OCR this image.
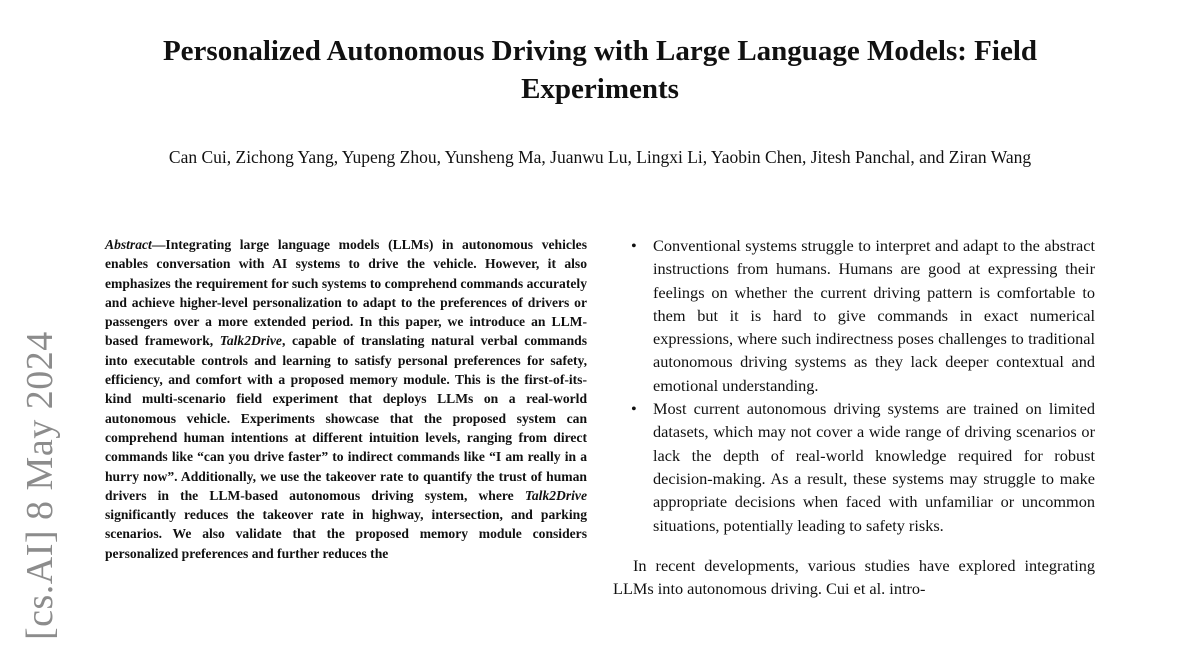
[cs.AI] 8 May 2024
Personalized Autonomous Driving with Large Language Models: Field Experiments
Can Cui, Zichong Yang, Yupeng Zhou, Yunsheng Ma, Juanwu Lu, Lingxi Li, Yaobin Chen, Jitesh Panchal, and Ziran Wang
Abstract—Integrating large language models (LLMs) in autonomous vehicles enables conversation with AI systems to drive the vehicle. However, it also emphasizes the requirement for such systems to comprehend commands accurately and achieve higher-level personalization to adapt to the preferences of drivers or passengers over a more extended period. In this paper, we introduce an LLM-based framework, Talk2Drive, capable of translating natural verbal commands into executable controls and learning to satisfy personal preferences for safety, efficiency, and comfort with a proposed memory module. This is the first-of-its-kind multi-scenario field experiment that deploys LLMs on a real-world autonomous vehicle. Experiments showcase that the proposed system can comprehend human intentions at different intuition levels, ranging from direct commands like “can you drive faster” to indirect commands like “I am really in a hurry now”. Additionally, we use the takeover rate to quantify the trust of human drivers in the LLM-based autonomous driving system, where Talk2Drive significantly reduces the takeover rate in highway, intersection, and parking scenarios. We also validate that the proposed memory module considers personalized preferences and further reduces the
• Conventional systems struggle to interpret and adapt to the abstract instructions from humans. Humans are good at expressing their feelings on whether the current driving pattern is comfortable to them but it is hard to give commands in exact numerical expressions, where such indirectness poses challenges to traditional autonomous driving systems as they lack deeper contextual and emotional understanding.
• Most current autonomous driving systems are trained on limited datasets, which may not cover a wide range of driving scenarios or lack the depth of real-world knowledge required for robust decision-making. As a result, these systems may struggle to make appropriate decisions when faced with unfamiliar or uncommon situations, potentially leading to safety risks.

In recent developments, various studies have explored integrating LLMs into autonomous driving. Cui et al. intro-
